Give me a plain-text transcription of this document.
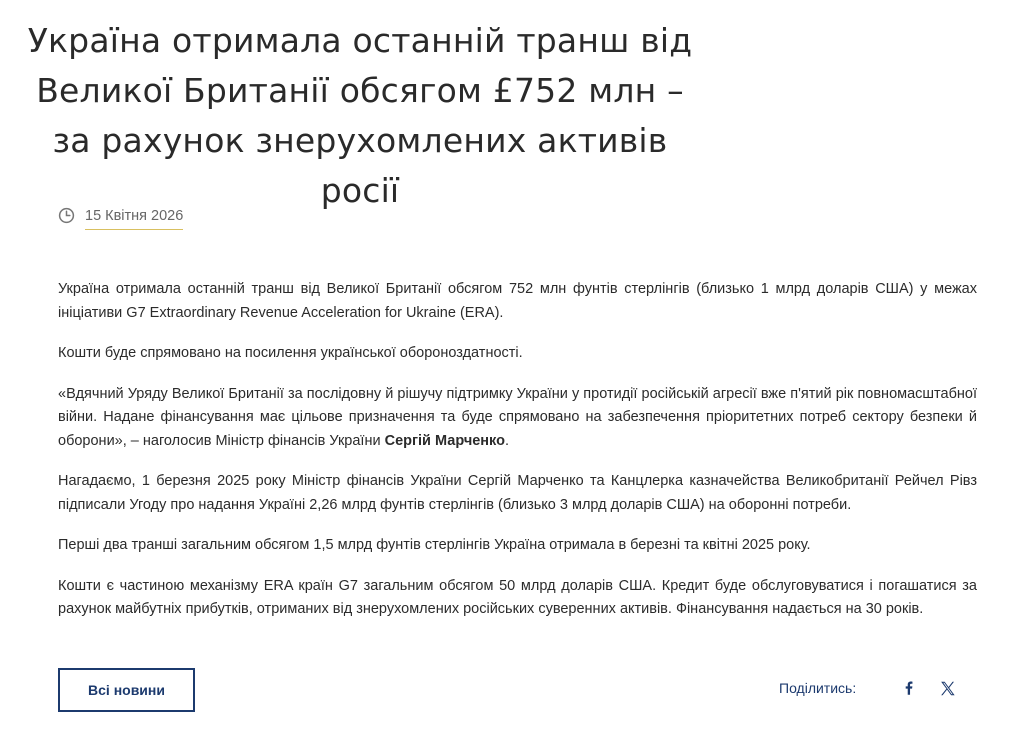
Україна отримала останній транш від Великої Британії обсягом £752 млн – за рахунок знерухомлених активів росії
15 Квітня 2026

Україна отримала останній транш від Великої Британії обсягом 752 млн фунтів стерлінгів (близько 1 млрд доларів США) у межах ініціативи G7 Extraordinary Revenue Acceleration for Ukraine (ERA).

Кошти буде спрямовано на посилення української обороноздатності.

«Вдячний Уряду Великої Британії за послідовну й рішучу підтримку України у протидії російській агресії вже п'ятий рік повномасштабної війни. Надане фінансування має цільове призначення та буде спрямовано на забезпечення пріоритетних потреб сектору безпеки й оборони», – наголосив Міністр фінансів України Сергій Марченко.

Нагадаємо, 1 березня 2025 року Міністр фінансів України Сергій Марченко та Канцлерка казначейства Великобританії Рейчел Рівз підписали Угоду про надання Україні 2,26 млрд фунтів стерлінгів (близько 3 млрд доларів США) на оборонні потреби.

Перші два транші загальним обсягом 1,5 млрд фунтів стерлінгів Україна отримала в березні та квітні 2025 року.

Кошти є частиною механізму ERA країн G7 загальним обсягом 50 млрд доларів США. Кредит буде обслуговуватися і погашатися за рахунок майбутніх прибутків, отриманих від знерухомлених російських суверенних активів. Фінансування надається на 30 років.

Всі новини	Поділитись:
